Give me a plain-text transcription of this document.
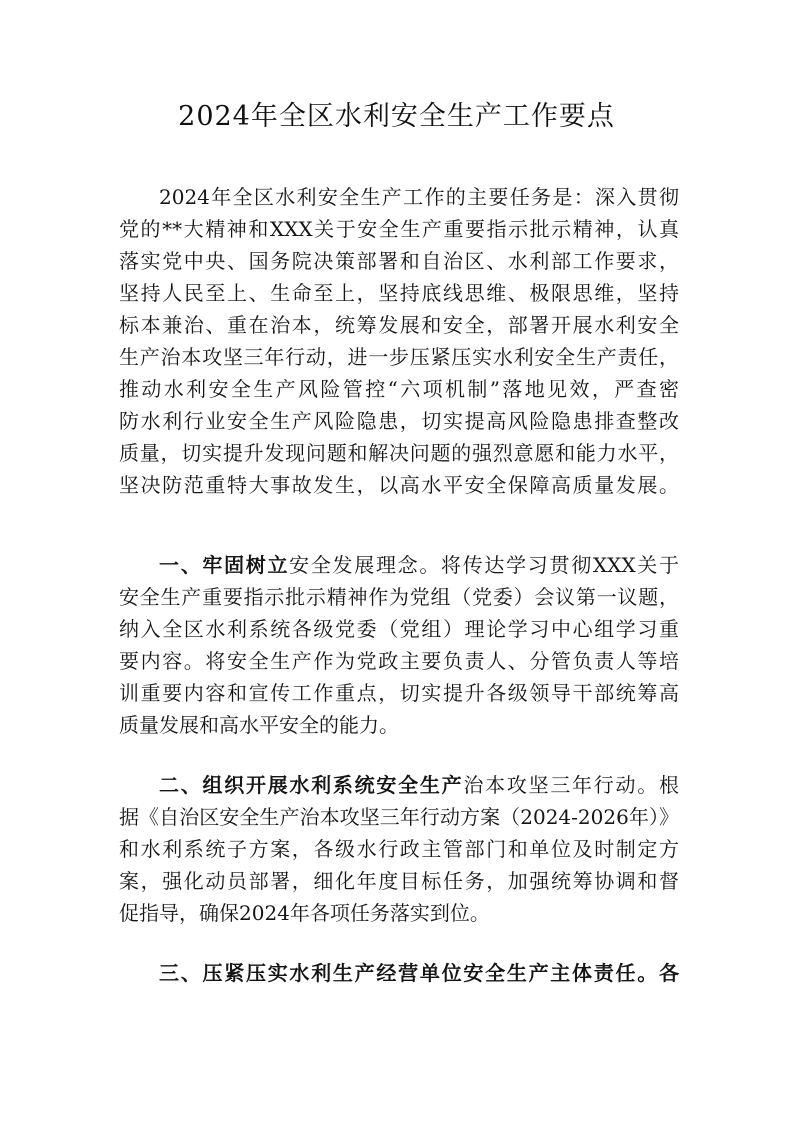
2024年全区水利安全生产工作要点
2024年全区水利安全生产工作的主要任务是：深入贯彻
党的**大精神和XXX关于安全生产重要指示批示精神，认真
落实党中央、国务院决策部署和自治区、水利部工作要求，
坚持人民至上、生命至上，坚持底线思维、极限思维，坚持
标本兼治、重在治本，统筹发展和安全，部署开展水利安全
生产治本攻坚三年行动，进一步压紧压实水利安全生产责任，
推动水利安全生产风险管控“六项机制”落地见效，严查密
防水利行业安全生产风险隐患，切实提高风险隐患排查整改
质量，切实提升发现问题和解决问题的强烈意愿和能力水平，
坚决防范重特大事故发生，以高水平安全保障高质量发展。
一、牢固树立安全发展理念。将传达学习贯彻XXX关于
安全生产重要指示批示精神作为党组（党委）会议第一议题，
纳入全区水利系统各级党委（党组）理论学习中心组学习重
要内容。将安全生产作为党政主要负责人、分管负责人等培
训重要内容和宣传工作重点，切实提升各级领导干部统筹高
质量发展和高水平安全的能力。
二、组织开展水利系统安全生产治本攻坚三年行动。根
据《自治区安全生产治本攻坚三年行动方案（2024-2026年）》
和水利系统子方案，各级水行政主管部门和单位及时制定方
案，强化动员部署，细化年度目标任务，加强统筹协调和督
促指导，确保2024年各项任务落实到位。
三、压紧压实水利生产经营单位安全生产主体责任。各
